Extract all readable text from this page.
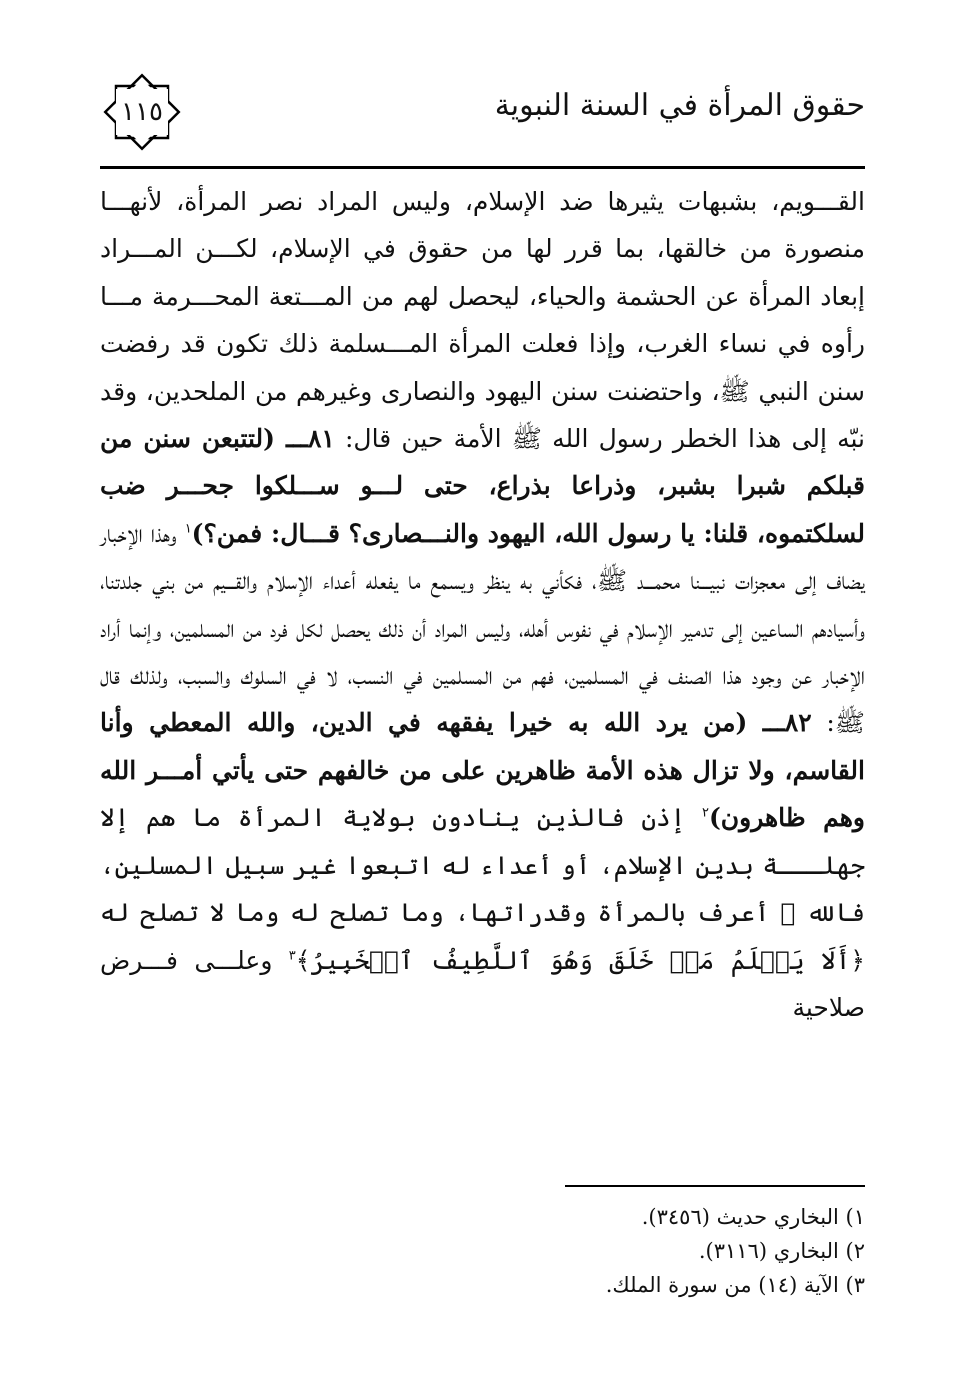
حقوق المرأة في السنة النبوية
١١٥

القـــويم، بشبهات يثيرها ضد الإسلام، وليس المراد نصر المرأة، لأنهـــا منصورة من خالقها، بما قرر لها من حقوق في الإسلام، لكـــن المـــراد إبعاد المرأة عن الحشمة والحياء، ليحصل لهم من المـــتعة المحـــرمة مـــا رأوه في نساء الغرب، وإذا فعلت المرأة المـــسلمة ذلك تكون قد رفضت سنن النبي ﷺ، واحتضنت سنن اليهود والنصارى وغيرهم من الملحدين، وقد نبّه إلى هذا الخطر رسول الله ﷺ الأمة حين قال: ٨١ـــ (لتتبعن سنن من قبلكم شبرا بشبر، وذراعا بذراع، حتى لـــو ســـلكوا جحـــر ضب لسلكتموه، قلنا: يا رسول الله، اليهود والنـــصارى؟ قـــال: فمن؟)$^١$ وهذا الإخبار يضاف إلى معجزات نبيـــنا محمـــد ﷺ، فكأني به ينظر ويسمع ما يفعله أعداء الإسلام والقـــيم من بني جلدتنا، وأسيادهم الساعين إلى تدمير الإسلام في نفوس أهله، وليس المراد أن ذلك يحصل لكل فرد من المسلمين، وإنما أراد الإخبار عن وجود هذا الصنف في المسلمين، فهم من المسلمين في النسب، لا في السلوك والسبب، ولذلك قال ﷺ: ٨٢ـــ (من يرد الله به خيرا يفقهه في الدين، والله المعطي وأنا القاسم، ولا تزال هذه الأمة ظاهرين على من خالفهم حتى يأتي أمـــر الله وهم ظاهرون)$^٢$ إذن فالذين ينادون بولاية المرأة ما هم إلا جهلـــة بدين الإسلام، أو أعداء له اتبعوا غير سبيل المسلين، فالله ﷻ أعرف بالمرأة وقدراتها، وما تصلح له وما لا تصلح له ﴿أَلَا يَعۡلَمُ مَنۡ خَلَقَ وَهُوَ ٱللَّطِيفُ ٱلۡخَبِيرُ﴾$^٣$ وعلـــى فـــرض صلاحية

١) البخاري حديث (٣٤٥٦).
٢) البخاري (٣١١٦).
٣) الآية (١٤) من سورة الملك.
